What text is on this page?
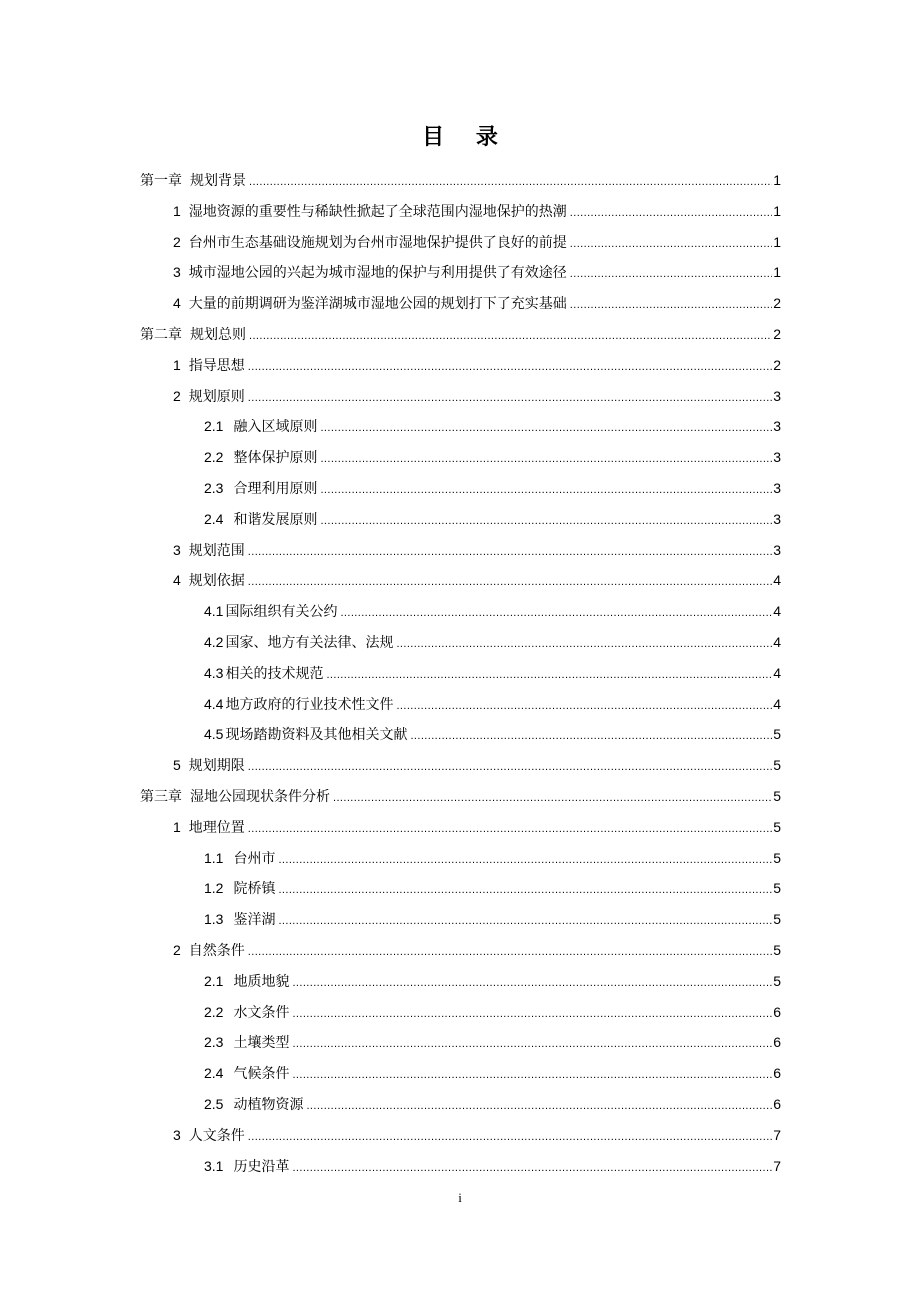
目 录
第一章 规划背景 .....	1
1 湿地资源的重要性与稀缺性掀起了全球范围内湿地保护的热潮 .....	1
2 台州市生态基础设施规划为台州市湿地保护提供了良好的前提 .....	1
3 城市湿地公园的兴起为城市湿地的保护与利用提供了有效途径 .....	1
4 大量的前期调研为鉴洋湖城市湿地公园的规划打下了充实基础 .....	2
第二章 规划总则 .....	2
1 指导思想 .....	2
2 规划原则 .....	3
2.1 融入区域原则 .....	3
2.2 整体保护原则 .....	3
2.3 合理利用原则 .....	3
2.4 和谐发展原则 .....	3
3 规划范围 .....	3
4 规划依据 .....	4
4.1 国际组织有关公约 .....	4
4.2 国家、地方有关法律、法规 .....	4
4.3 相关的技术规范 .....	4
4.4 地方政府的行业技术性文件 .....	4
4.5 现场踏勘资料及其他相关文献 .....	5
5 规划期限 .....	5
第三章 湿地公园现状条件分析 .....	5
1 地理位置 .....	5
1.1 台州市 .....	5
1.2 院桥镇 .....	5
1.3 鉴洋湖 .....	5
2 自然条件 .....	5
2.1 地质地貌 .....	5
2.2 水文条件 .....	6
2.3 土壤类型 .....	6
2.4 气候条件 .....	6
2.5 动植物资源 .....	6
3 人文条件 .....	7
3.1 历史沿革 .....	7
i
